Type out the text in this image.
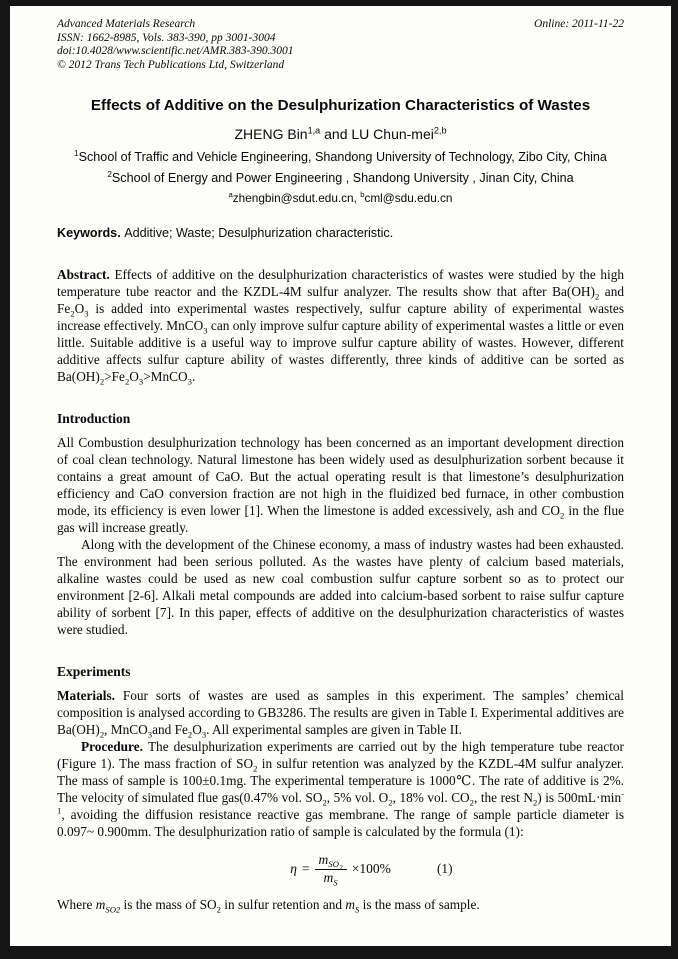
Advanced Materials Research
ISSN: 1662-8985, Vols. 383-390, pp 3001-3004
doi:10.4028/www.scientific.net/AMR.383-390.3001
© 2012 Trans Tech Publications Ltd, Switzerland
Online: 2011-11-22
Effects of Additive on the Desulphurization Characteristics of Wastes
ZHENG Bin$^{1,a}$ and LU Chun-mei$^{2,b}$
$^1$School of Traffic and Vehicle Engineering, Shandong University of Technology, Zibo City, China
$^2$School of Energy and Power Engineering , Shandong University , Jinan City, China
$^a$zhengbin@sdut.edu.cn, $^b$cml@sdu.edu.cn
Keywords. Additive; Waste; Desulphurization characteristic.
Abstract. Effects of additive on the desulphurization characteristics of wastes were studied by the high temperature tube reactor and the KZDL-4M sulfur analyzer. The results show that after $Ba(OH)_2$ and $Fe_2O_3$ is added into experimental wastes respectively, sulfur capture ability of experimental wastes increase effectively. MnCO$_3$ can only improve sulfur capture ability of experimental wastes a little or even little. Suitable additive is a useful way to improve sulfur capture ability of wastes. However, different additive affects sulfur capture ability of wastes differently, three kinds of additive can be sorted as $Ba(OH)_2>Fe_2O_3>MnCO_3$.
Introduction
All Combustion desulphurization technology has been concerned as an important development direction of coal clean technology. Natural limestone has been widely used as desulphurization sorbent because it contains a great amount of CaO. But the actual operating result is that limestone’s desulphurization efficiency and CaO conversion fraction are not high in the fluidized bed furnace, in other combustion mode, its efficiency is even lower [1]. When the limestone is added excessively, ash and $CO_2$ in the flue gas will increase greatly.
Along with the development of the Chinese economy, a mass of industry wastes had been exhausted. The environment had been serious polluted. As the wastes have plenty of calcium based materials, alkaline wastes could be used as new coal combustion sulfur capture sorbent so as to protect our environment [2-6]. Alkali metal compounds are added into calcium-based sorbent to raise sulfur capture ability of sorbent [7]. In this paper, effects of additive on the desulphurization characteristics of wastes were studied.
Experiments
Materials. Four sorts of wastes are used as samples in this experiment. The samples’ chemical composition is analysed according to GB3286. The results are given in Table I. Experimental additives are $Ba(OH)_2$, MnCO$_3$and $Fe_2O_3$. All experimental samples are given in Table II.
Procedure. The desulphurization experiments are carried out by the high temperature tube reactor (Figure 1). The mass fraction of $SO_2$ in sulfur retention was analyzed by the KZDL-4M sulfur analyzer. The mass of sample is 100±0.1mg. The experimental temperature is 1000℃. The rate of additive is 2%. The velocity of simulated flue gas(0.47% vol. $SO_2$, 5% vol. $O_2$, 18% vol. $CO_2$, the rest $N_2$) is $500mL\cdot\min^{-1}$, avoiding the diffusion resistance reactive gas membrane. The range of sample particle diameter is 0.097~ 0.900mm. The desulphurization ratio of sample is calculated by the formula (1):
$\eta = \frac{m_{SO_2}}{m_S} \times 100\%$	(1)
Where $m_{SO2}$ is the mass of $SO_2$ in sulfur retention and $m_S$ is the mass of sample.
